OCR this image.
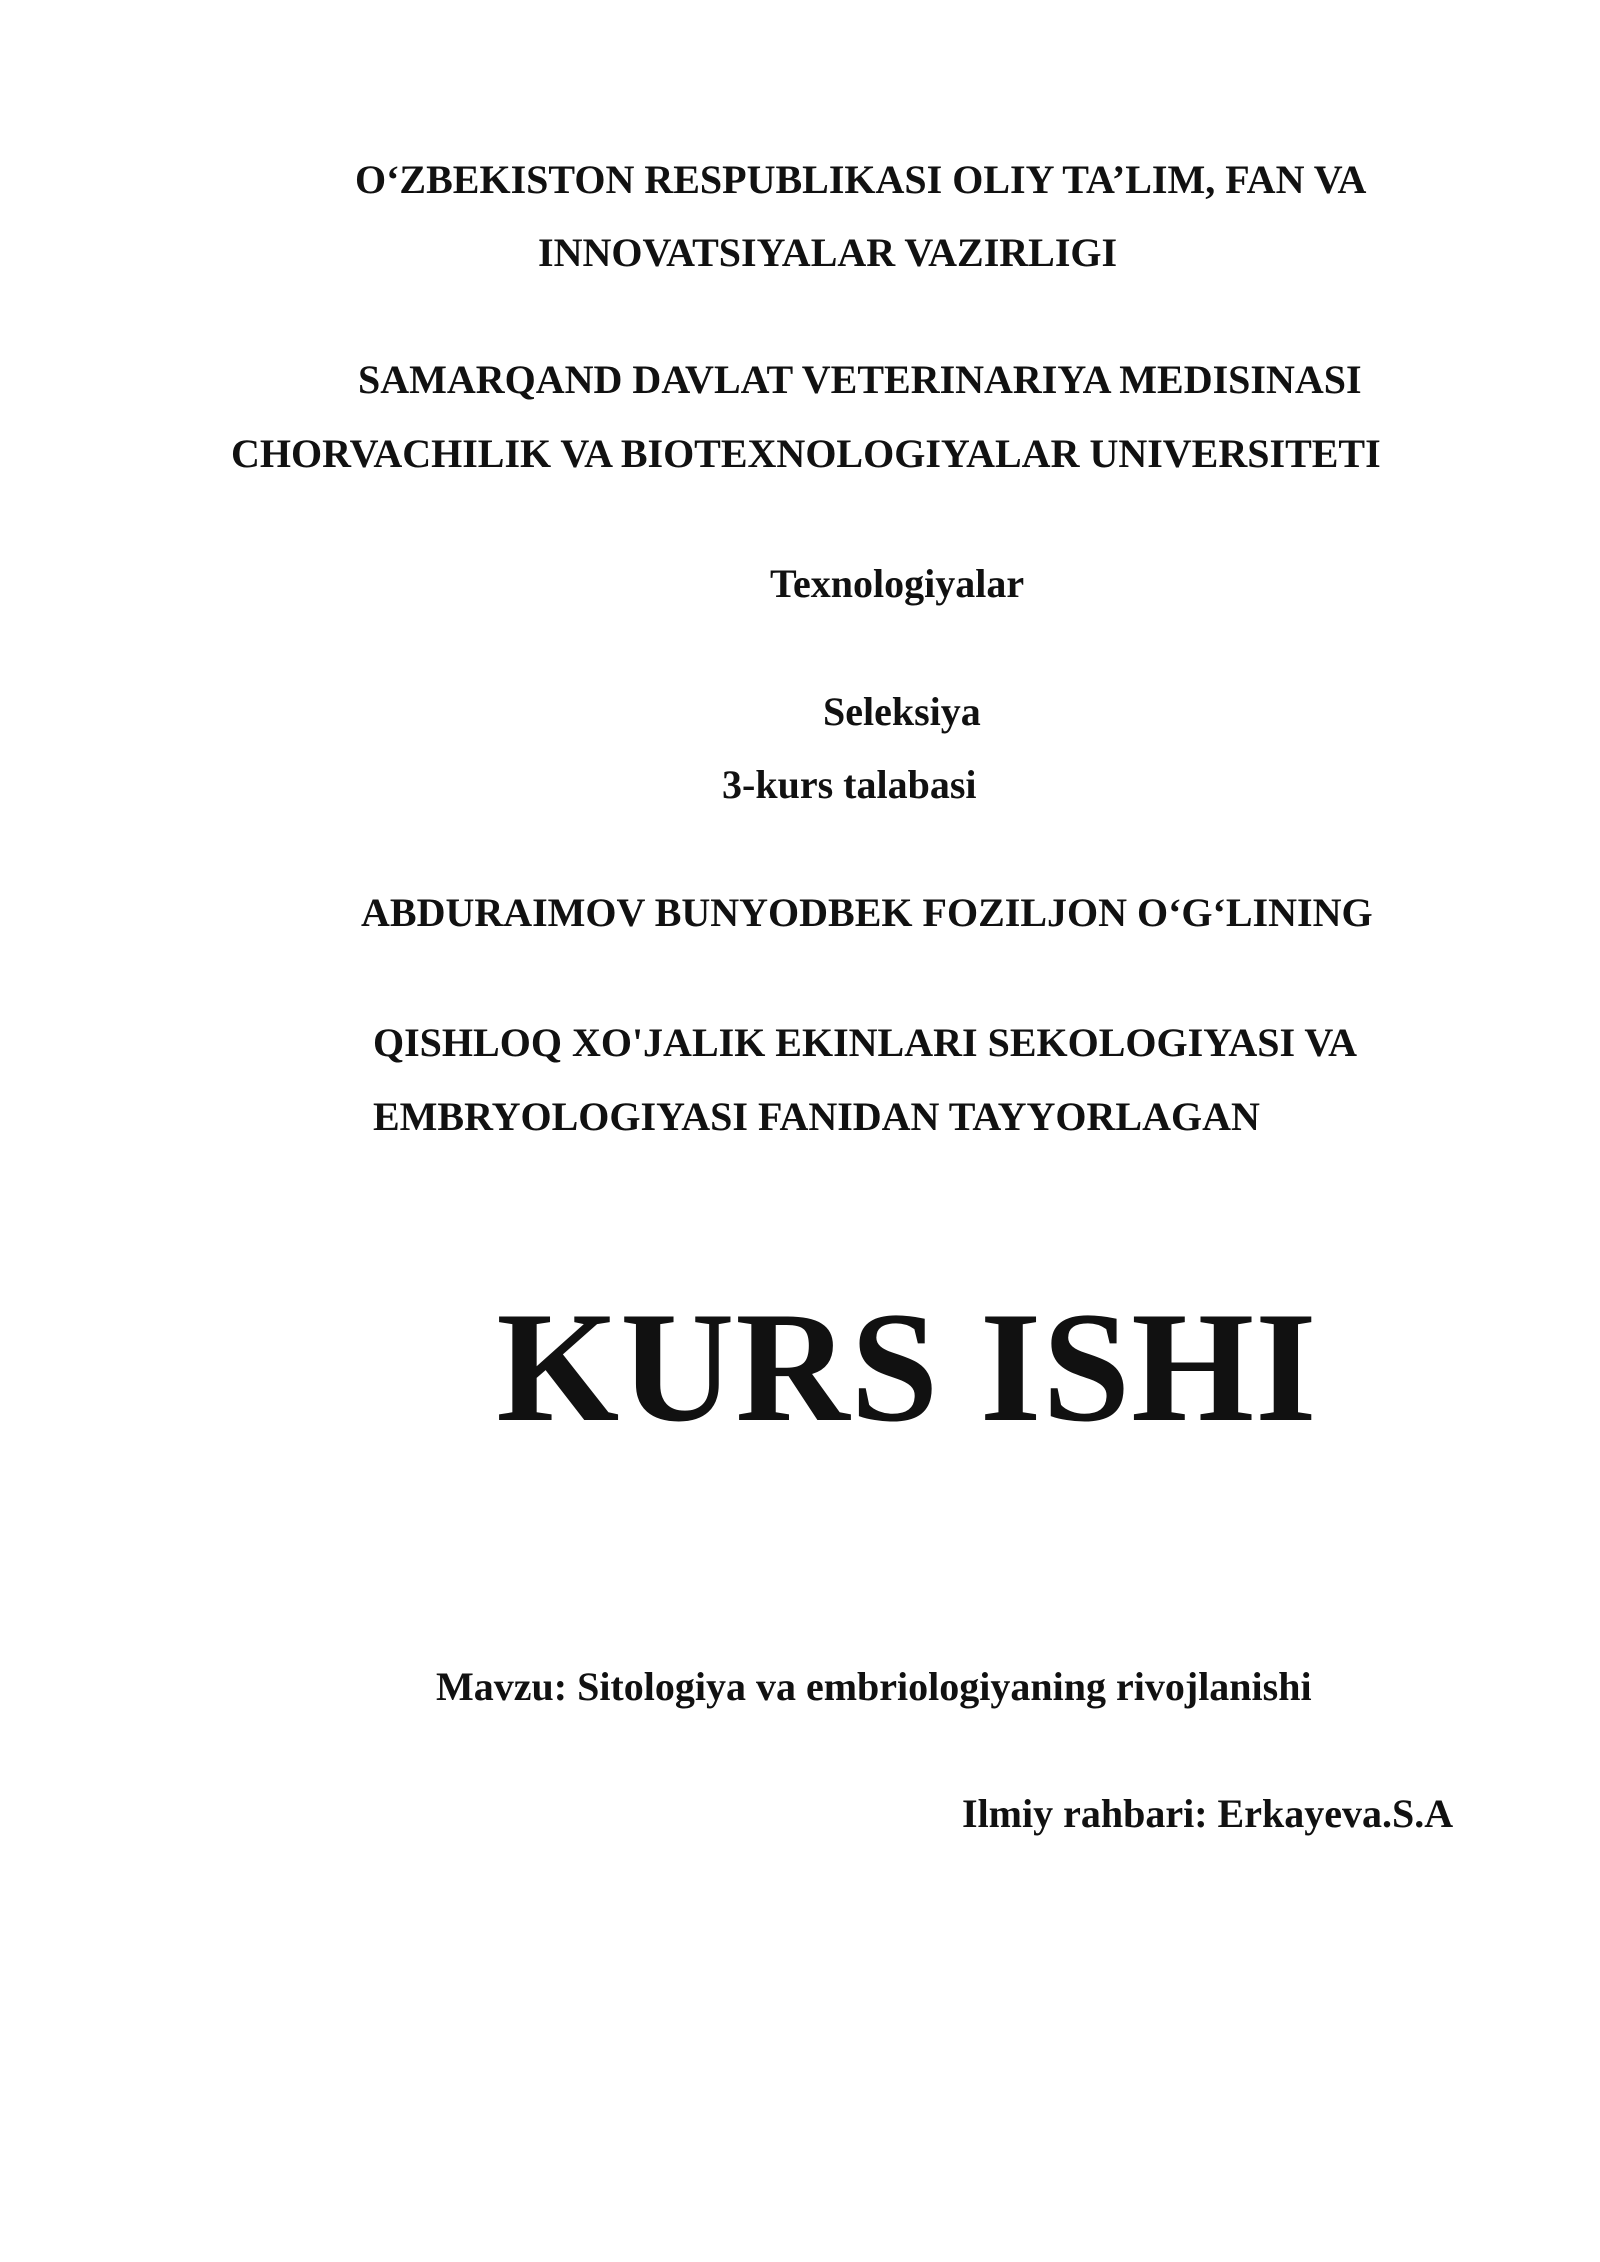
O‘ZBEKISTON RESPUBLIKASI OLIY TA’LIM, FAN VA
INNOVATSIYALAR VAZIRLIGI
SAMARQAND DAVLAT VETERINARIYA MEDISINASI
CHORVACHILIK VA BIOTEXNOLOGIYALAR UNIVERSITETI
Texnologiyalar
Seleksiya
3-kurs talabasi
ABDURAIMOV BUNYODBEK FOZILJON O‘G‘LINING
QISHLOQ XO'JALIK EKINLARI SEKOLOGIYASI VA
EMBRYOLOGIYASI FANIDAN TAYYORLAGAN
KURS ISHI
Mavzu: Sitologiya va embriologiyaning rivojlanishi
Ilmiy rahbari: Erkayeva.S.A
